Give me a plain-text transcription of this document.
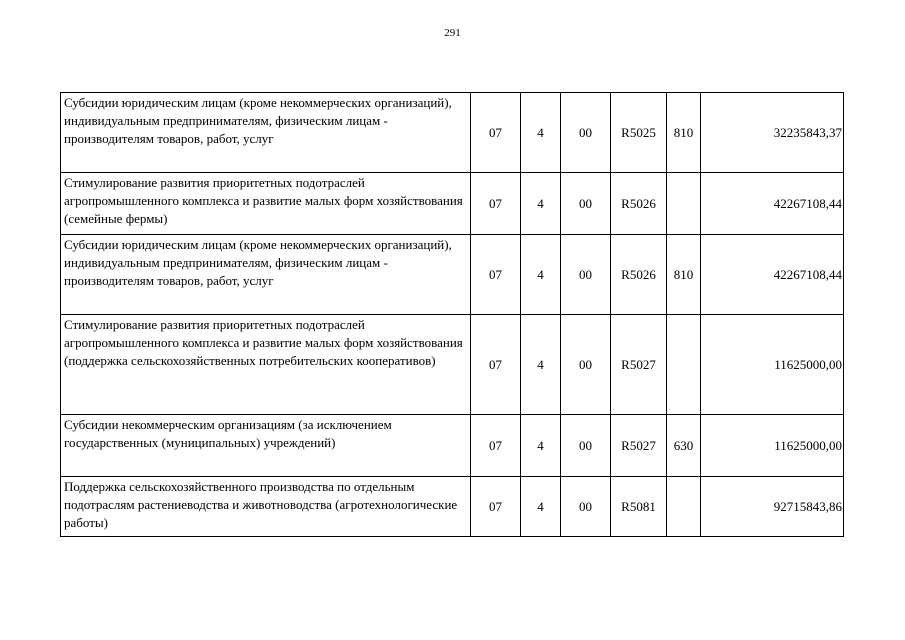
291
Субсидии юридическим лицам (кроме некоммерческих организаций), индивидуальным предпринимателям, физическим лицам - производителям товаров, работ, услуг	07	4	00	R5025	810	32235843,37
Стимулирование развития приоритетных подотраслей агропромышленного комплекса и развитие малых форм хозяйствования (семейные фермы)	07	4	00	R5026		42267108,44
Субсидии юридическим лицам (кроме некоммерческих организаций), индивидуальным предпринимателям, физическим лицам - производителям товаров, работ, услуг	07	4	00	R5026	810	42267108,44
Стимулирование развития приоритетных подотраслей агропромышленного комплекса и развитие малых форм хозяйствования (поддержка сельскохозяйственных потребительских кооперативов)	07	4	00	R5027		11625000,00
Субсидии некоммерческим организациям (за исключением государственных (муниципальных) учреждений)	07	4	00	R5027	630	11625000,00
Поддержка сельскохозяйственного производства по отдельным подотраслям растениеводства и животноводства (агротехнологические работы)	07	4	00	R5081		92715843,86
